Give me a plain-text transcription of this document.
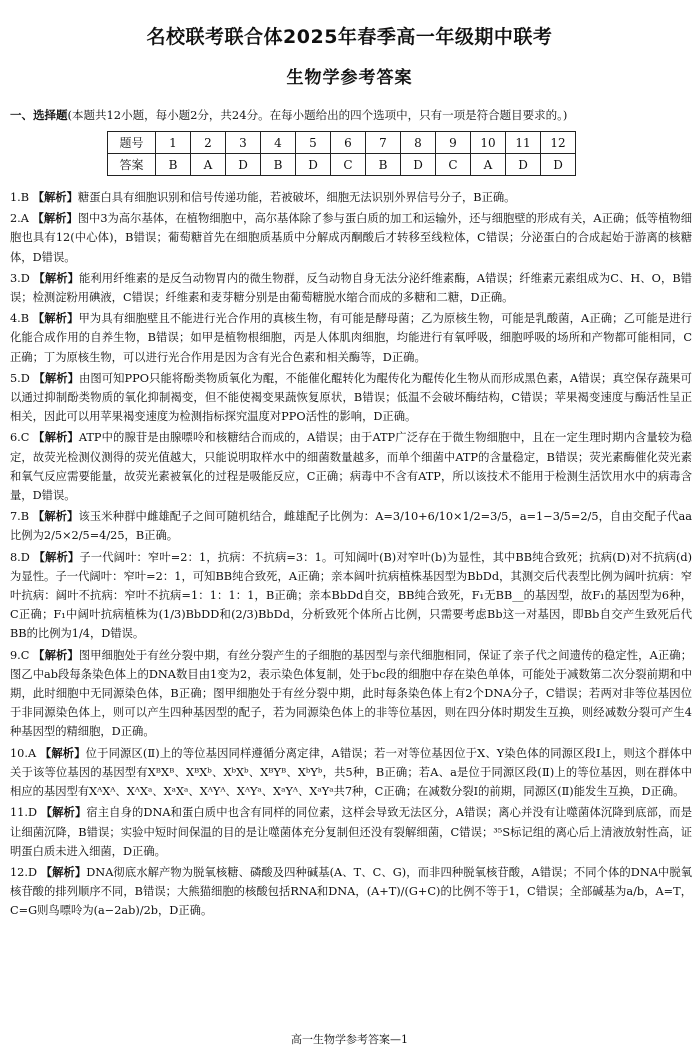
名校联考联合体2025年春季高一年级期中联考
生物学参考答案
一、选择题(本题共12小题，每小题2分，共24分。在每小题给出的四个选项中，只有一项是符合题目要求的。)
题号	1	2	3	4	5	6	7	8	9	10	11	12
答案	B	A	D	B	D	C	B	D	C	A	D	D
1.B 【解析】糖蛋白具有细胞识别和信号传递功能，若被破坏，细胞无法识别外界信号分子，B正确。
2.A 【解析】图中3为高尔基体，在植物细胞中，高尔基体除了参与蛋白质的加工和运输外，还与细胞壁的形成有关，A正确；低等植物细胞也具有12(中心体)，B错误；葡萄糖首先在细胞质基质中分解成丙酮酸后才转移至线粒体，C错误；分泌蛋白的合成起始于游离的核糖体，D错误。
3.D 【解析】能利用纤维素的是反刍动物胃内的微生物群，反刍动物自身无法分泌纤维素酶，A错误；纤维素元素组成为C、H、O，B错误；检测淀粉用碘液，C错误；纤维素和麦芽糖分别是由葡萄糖脱水缩合而成的多糖和二糖，D正确。
4.B 【解析】甲为具有细胞壁且不能进行光合作用的真核生物，有可能是酵母菌；乙为原核生物，可能是乳酸菌，A正确；乙可能是进行化能合成作用的自养生物，B错误；如甲是植物根细胞，丙是人体肌肉细胞，均能进行有氧呼吸，细胞呼吸的场所和产物都可能相同，C正确；丁为原核生物，可以进行光合作用是因为含有光合色素和相关酶等，D正确。
5.D 【解析】由图可知PPO只能将酚类物质氧化为醌，不能催化醌转化为醌传化为醌传化生物从而形成黑色素，A错误；真空保存蔬果可以通过抑制酚类物质的氧化抑制褐变，但不能使褐变果蔬恢复原状，B错误；低温不会破坏酶结构，C错误；苹果褐变速度与酶活性呈正相关，因此可以用苹果褐变速度为检测指标探究温度对PPO活性的影响，D正确。
6.C 【解析】ATP中的腺苷是由腺嘌呤和核糖结合而成的，A错误；由于ATP广泛存在于微生物细胞中，且在一定生理时期内含量较为稳定，故荧光检测仪测得的荧光值越大，只能说明取样水中的细菌数量越多，而单个细菌中ATP的含量稳定，B错误；荧光素酶催化荧光素和氧气反应需要能量，故荧光素被氧化的过程是吸能反应，C正确；病毒中不含有ATP，所以该技术不能用于检测生活饮用水中的病毒含量，D错误。
7.B 【解析】该玉米种群中雌雄配子之间可随机结合，雌雄配子比例为：A=3/10+6/10×1/2=3/5，a=1−3/5=2/5，自由交配子代aa比例为2/5×2/5=4/25，B正确。
8.D 【解析】子一代阔叶：窄叶=2：1，抗病：不抗病=3：1。可知阔叶(B)对窄叶(b)为显性，其中BB纯合致死；抗病(D)对不抗病(d)为显性。子一代阔叶：窄叶=2：1，可知BB纯合致死，A正确；亲本阔叶抗病植株基因型为BbDd，其测交后代表型比例为阔叶抗病：窄叶抗病：阔叶不抗病：窄叶不抗病=1：1：1：1，B正确；亲本BbDd自交，BB纯合致死，F₁无BB__的基因型，故F₁的基因型为6种，C正确；F₁中阔叶抗病植株为(1/3)BbDD和(2/3)BbDd，分析致死个体所占比例，只需要考虑Bb这一对基因，即Bb自交产生致死后代BB的比例为1/4，D错误。
9.C 【解析】图甲细胞处于有丝分裂中期，有丝分裂产生的子细胞的基因型与亲代细胞相同，保证了亲子代之间遗传的稳定性，A正确；图乙中ab段每条染色体上的DNA数目由1变为2，表示染色体复制，处于bc段的细胞中存在染色单体，可能处于减数第二次分裂前期和中期，此时细胞中无同源染色体，B正确；图甲细胞处于有丝分裂中期，此时每条染色体上有2个DNA分子，C错误；若两对非等位基因位于非同源染色体上，则可以产生四种基因型的配子，若为同源染色体上的非等位基因，则在四分体时期发生互换，则经减数分裂可产生4种基因型的精细胞，D正确。
10.A 【解析】位于同源区(Ⅱ)上的等位基因同样遵循分离定律，A错误；若一对等位基因位于X、Y染色体的同源区段Ⅰ上，则这个群体中关于该等位基因的基因型有XᴮXᴮ、XᴮXᵇ、XᵇXᵇ、XᴮYᴮ、XᵇYᵇ，共5种，B正确；若A、a是位于同源区段(Ⅱ)上的等位基因，则在群体中相应的基因型有XᴬXᴬ、XᴬXᵃ、XᵃXᵃ、XᴬYᴬ、XᴬYᵃ、XᵃYᴬ、XᵃYᵃ共7种，C正确；在减数分裂Ⅰ的前期，同源区(Ⅱ)能发生互换，D正确。
11.D 【解析】宿主自身的DNA和蛋白质中也含有同样的同位素，这样会导致无法区分，A错误；离心并没有让噬菌体沉降到底部，而是让细菌沉降，B错误；实验中短时间保温的目的是让噬菌体充分复制但还没有裂解细菌，C错误；³⁵S标记组的离心后上清液放射性高，证明蛋白质未进入细菌，D正确。
12.D 【解析】DNA彻底水解产物为脱氧核糖、磷酸及四种碱基(A、T、C、G)，而非四种脱氧核苷酸，A错误；不同个体的DNA中脱氧核苷酸的排列顺序不同，B错误；大熊猫细胞的核酸包括RNA和DNA，(A+T)/(G+C)的比例不等于1，C错误；全部碱基为a/b，A=T，C=G则鸟嘌呤为(a−2ab)/2b，D正确。
高一生物学参考答案—1
